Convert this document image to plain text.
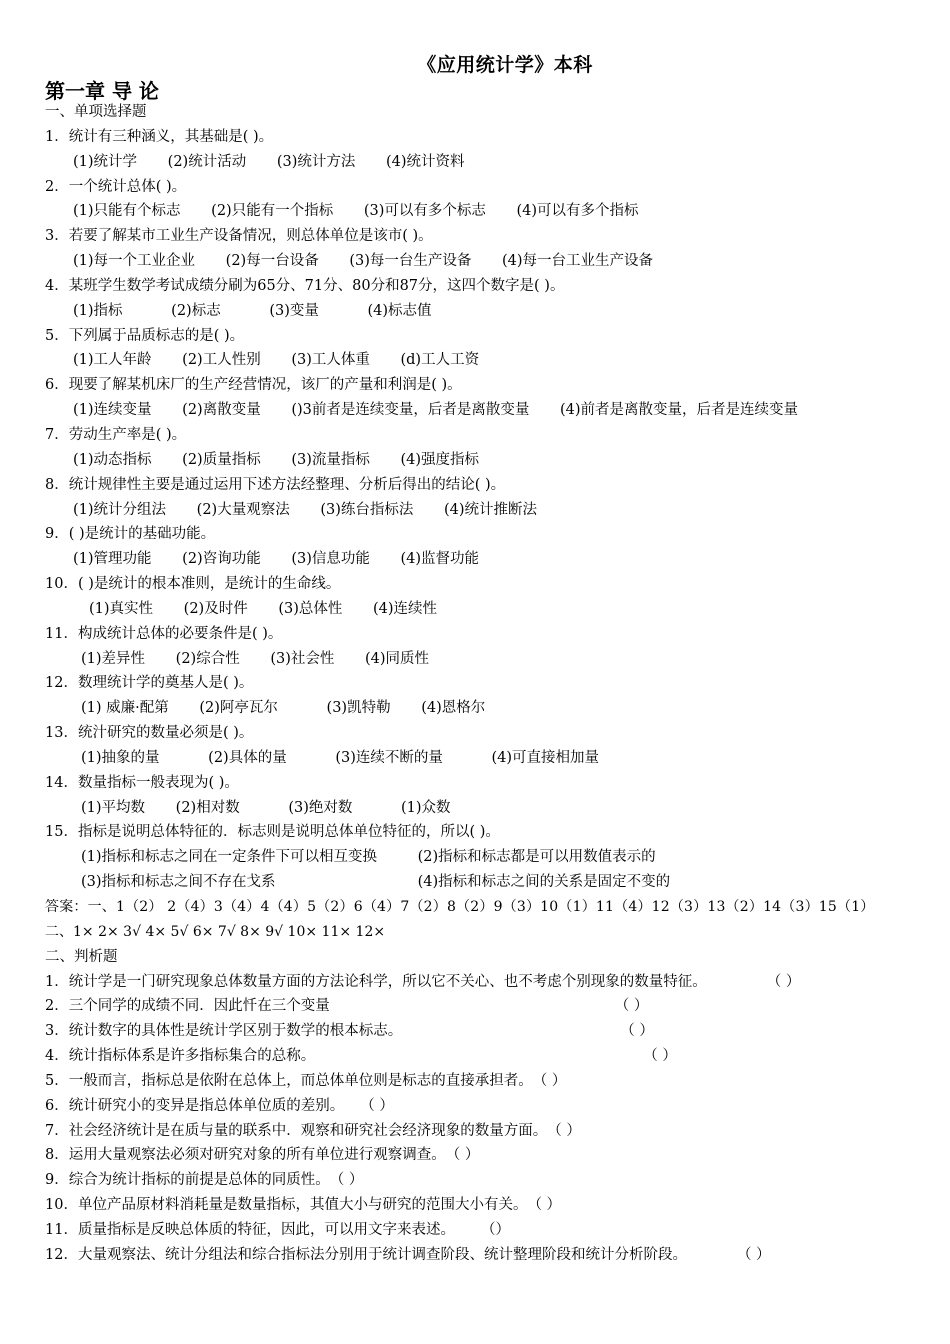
《应用统计学》本科
第一章 导 论
一、单项选择题
1．统计有三种涵义，其基础是( )。
(1)统计学 (2)统计活动 (3)统计方法 (4)统计资料
2．一个统计总体( )。
(1)只能有个标志 (2)只能有一个指标 (3)可以有多个标志 (4)可以有多个指标
3．若要了解某市工业生产设备情况，则总体单位是该市( )。
(1)每一个工业企业 (2)每一台设备 (3)每一台生产设备 (4)每一台工业生产设备
4．某班学生数学考试成绩分刷为65分、71分、80分和87分，这四个数字是( )。
(1)指标	(2)标志	(3)变量	(4)标志值
5．下列属于品质标志的是( )。
(1)工人年龄 (2)工人性别 (3)工人体重 (d)工人工资
6．现要了解某机床厂的生产经营情况，该厂的产量和利润是( )。
(1)连续变量 (2)离散变量 ()3前者是连续变量，后者是离散变量 (4)前者是离散变量，后者是连续变量
7．劳动生产率是( )。
(1)动态指标 (2)质量指标 (3)流量指标 (4)强度指标
8．统计规律性主要是通过运用下述方法经整理、分析后得出的结论( )。
(1)统计分组法 (2)大量观察法 (3)练台指标法 (4)统计推断法
9．( )是统计的基础功能。
(1)管理功能 (2)咨询功能 (3)信息功能 (4)监督功能
10．( )是统计的根本准则，是统计的生命线。
(1)真实性 (2)及时件 (3)总体性 (4)连续性
11．构成统计总体的必要条件是( )。
(1)差异性 (2)综合性 (3)社会性 (4)同质性
12．数理统计学的奠基人是( )。
(1) 威廉·配第 (2)阿亭瓦尔	(3)凯特勒 (4)恩格尔
13．统汁研究的数量必须是( )。
(1)抽象的量	(2)具体的量	(3)连续不断的量	(4)可直接相加量
14．数量指标一般表现为( )。
(1)平均数 (2)相对数	(3)绝对数	(1)众数
15．指标是说明总体特征的．标志则是说明总体单位特征的，所以( )。
(1)指标和标志之同在一定条件下可以相互变换	(2)指标和标志都是可以用数值表示的
(3)指标和标志之间不存在戈系	(4)指标和标志之间的关系是固定不变的
答案：一、1（2） 2（4）3（4）4（4）5（2）6（4）7（2）8（2）9（3）10（1）11（4）12（3）13（2）14（3）15（1）
二、1× 2× 3√ 4× 5√ 6× 7√ 8× 9√ 10× 11× 12×
二、判析题
1．统计学是一门研究现象总体数量方面的方法论科学，所以它不关心、也不考虑个别现象的数量特征。	（ ）
2．三个同学的成绩不同．因此忏在三个变量	（ ）
3．统计数字的具体性是统计学区别于数学的根本标志。	（ ）
4．统计指标体系是许多指标集合的总称。	（ ）
5．一般而言，指标总是依附在总体上，而总体单位则是标志的直接承担者。（ ）
6．统计研究小的变异是指总体单位质的差别。 （ ）
7．社会经济统计是在质与量的联系中．观察和研究社会经济现象的数量方面。（ ）
8．运用大量观察法必须对研究对象的所有单位进行观察调查。（ ）
9．综合为统计指标的前提是总体的同质性。（ ）
10．单位产品原材料消耗量是数量指标，其值大小与研究的范围大小有关。（ ）
11．质量指标是反映总体质的特征，因此，可以用文字来表述。 （）
12．大量观察法、统计分组法和综合指标法分别用于统计调查阶段、统计整理阶段和统计分析阶段。	（ ）
